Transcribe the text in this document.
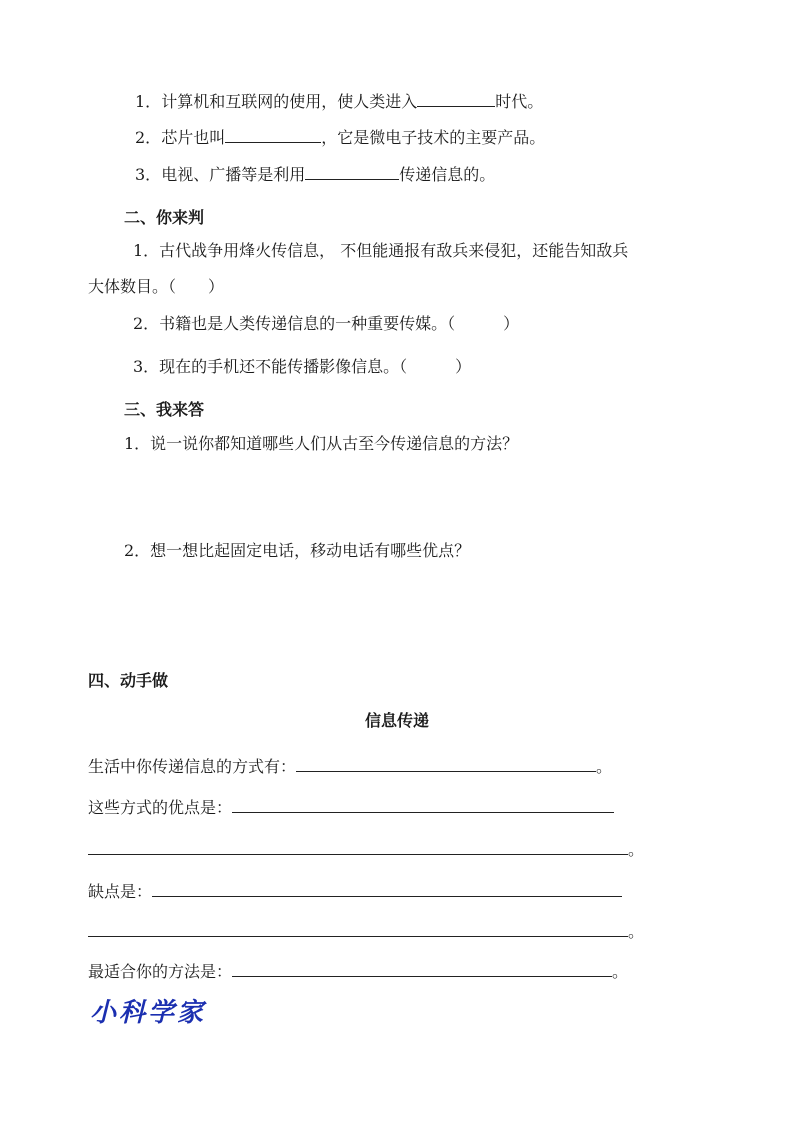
1．计算机和互联网的使用，使人类进入	时代。
2．芯片也叫	，它是微电子技术的主要产品。
3．电视、广播等是利用	传递信息的。
二、你来判
1．古代战争用烽火传信息， 不但能通报有敌兵来侵犯，还能告知敌兵
大体数目。（　　）
2．书籍也是人类传递信息的一种重要传媒。（　　　）
3．现在的手机还不能传播影像信息。（　　　）
三、我来答
1．说一说你都知道哪些人们从古至今传递信息的方法？
2．想一想比起固定电话，移动电话有哪些优点？
四、动手做
信息传递
生活中你传递信息的方式有：	。
这些方式的优点是：
。
缺点是：
。
最适合你的方法是：	。
小科学家
